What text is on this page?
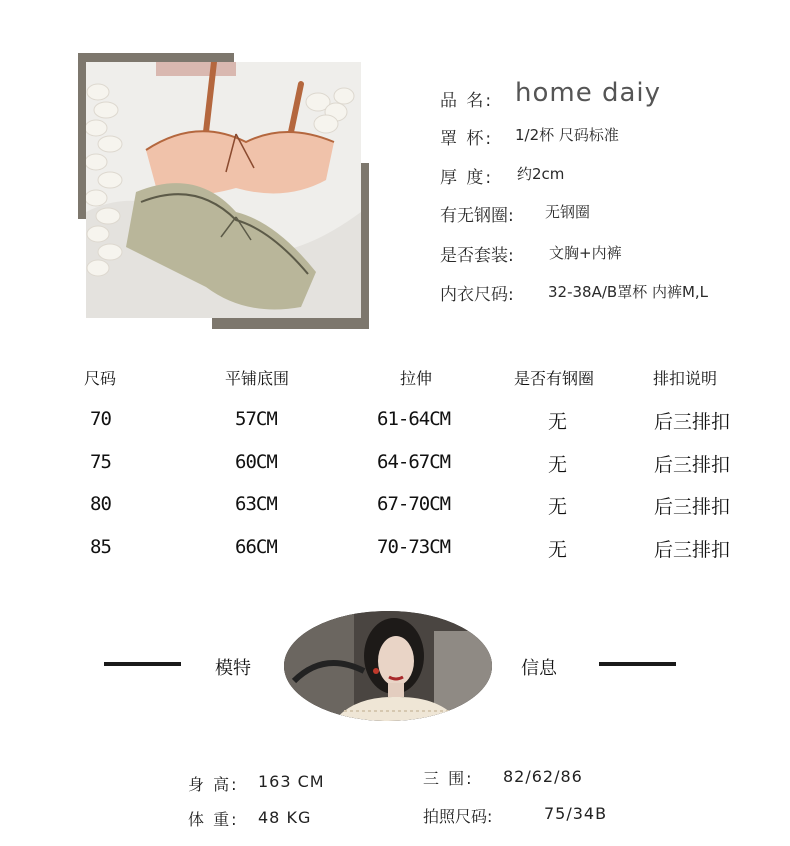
品 名: home daiy
罩 杯: 1/2杯 尺码标准
厚 度: 约2cm
有无钢圈: 无钢圈
是否套装: 文胸+内裤
内衣尺码: 32-38A/B罩杯 内裤M,L
尺码	平铺底围	拉伸	是否有钢圈	排扣说明
70	57CM	61-64CM	无	后三排扣
75	60CM	64-67CM	无	后三排扣
80	63CM	67-70CM	无	后三排扣
85	66CM	70-73CM	无	后三排扣
模特	信息
身 高: 163 CM
体 重: 48 KG
三 围: 82/62/86
拍照尺码:	75/34B
